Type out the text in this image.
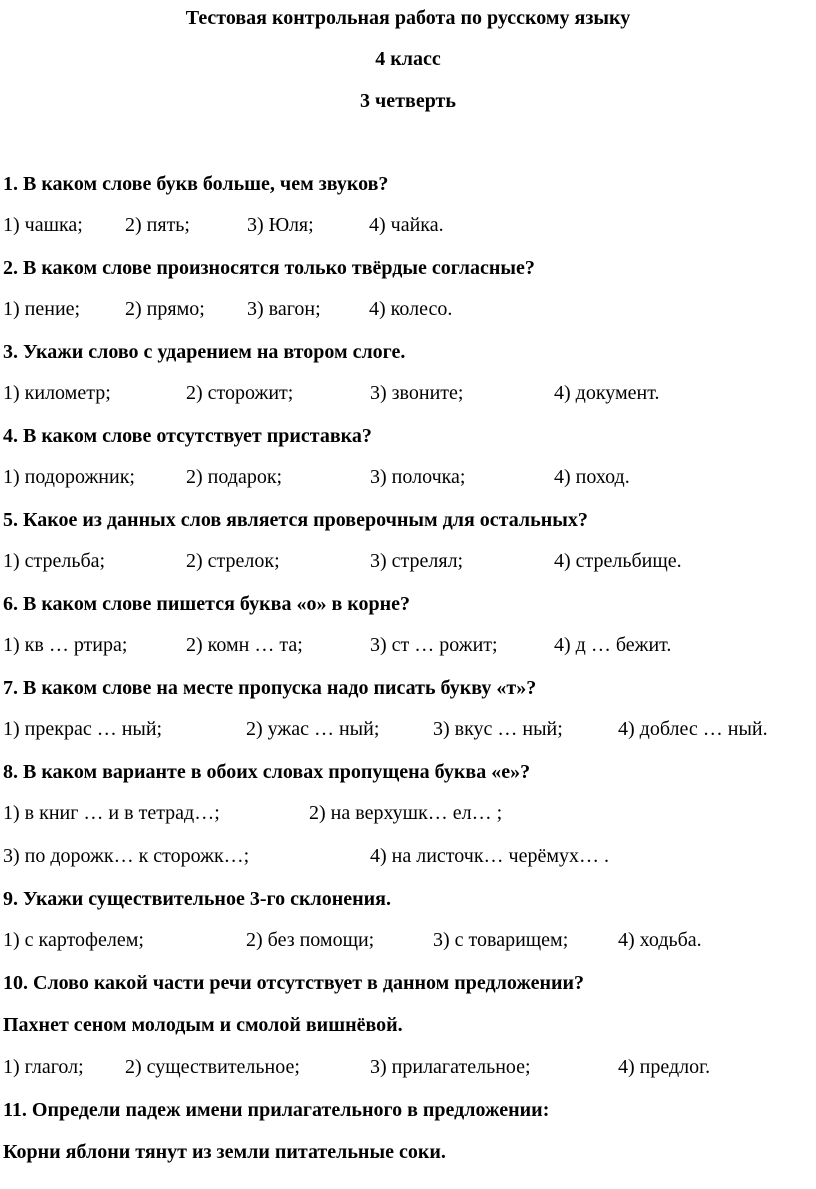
Тестовая контрольная работа по русскому языку
4 класс
3 четверть
1. В каком слове букв больше, чем звуков?
1) чашка; 2) пять;	3) Юля;	4) чайка.
2. В каком слове произносятся только твёрдые согласные?
1) пение; 2) прямо; 3) вагон; 4) колесо.
3. Укажи слово с ударением на втором слоге.
1) километр;	2) сторожит;	3) звоните;	4) документ.
4. В каком слове отсутствует приставка?
1) подорожник;	2) подарок;	3) полочка;	4) поход.
5. Какое из данных слов является проверочным для остальных?
1) стрельба;	2) стрелок;	3) стрелял;	4) стрельбище.
6. В каком слове пишется буква «о» в корне?
1) кв … ртира;	2) комн … та;	3) ст … рожит;	4) д … бежит.
7. В каком слове на месте пропуска надо писать букву «т»?
1) прекрас … ный;	2) ужас … ный;	3) вкус … ный;	4) доблес … ный.
8. В каком варианте в обоих словах пропущена буква «е»?
1) в книг … и в тетрад…;	2) на верхушк… ел… ;
3) по дорожк… к сторожк…;	4) на листочк… черёмух… .
9. Укажи существительное 3-го склонения.
1) с картофелем;	2) без помощи;	3) с товарищем; 4) ходьба.
10. Слово какой части речи отсутствует в данном предложении?
Пахнет сеном молодым и смолой вишнёвой.
1) глагол; 2) существительное;	3) прилагательное;	4) предлог.
11. Определи падеж имени прилагательного в предложении:
Корни яблони тянут из земли питательные соки.
